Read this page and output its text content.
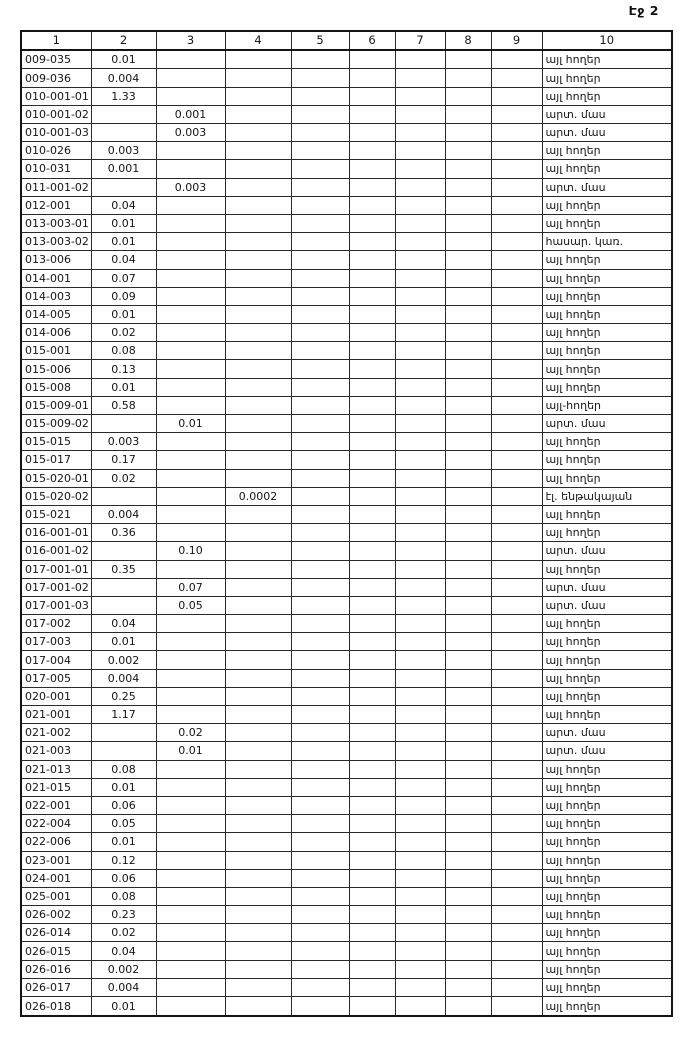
Էջ 2
1	2	3	4	5	6	7	8	9	10
009-035	0.01								այլ հողեր
009-036	0.004								այլ հողեր
010-001-01	1.33								այլ հողեր
010-001-02		0.001							արտ. մաս
010-001-03		0.003							արտ. մաս
010-026	0.003								այլ հողեր
010-031	0.001								այլ հողեր
011-001-02		0.003							արտ. մաս
012-001	0.04								այլ հողեր
013-003-01	0.01								այլ հողեր
013-003-02	0.01								հասար. կառ.
013-006	0.04								այլ հողեր
014-001	0.07								այլ հողեր
014-003	0.09								այլ հողեր
014-005	0.01								այլ հողեր
014-006	0.02								այլ հողեր
015-001	0.08								այլ հողեր
015-006	0.13								այլ հողեր
015-008	0.01								այլ հողեր
015-009-01	0.58								այլ-հողեր
015-009-02		0.01							արտ. մաս
015-015	0.003								այլ հողեր
015-017	0.17								այլ հողեր
015-020-01	0.02								այլ հողեր
015-020-02			0.0002						էլ. ենթակայան
015-021	0.004								այլ հողեր
016-001-01	0.36								այլ հողեր
016-001-02		0.10							արտ. մաս
017-001-01	0.35								այլ հողեր
017-001-02		0.07							արտ. մաս
017-001-03		0.05							արտ. մաս
017-002	0.04								այլ հողեր
017-003	0.01								այլ հողեր
017-004	0.002								այլ հողեր
017-005	0.004								այլ հողեր
020-001	0.25								այլ հողեր
021-001	1.17								այլ հողեր
021-002		0.02							արտ. մաս
021-003		0.01							արտ. մաս
021-013	0.08								այլ հողեր
021-015	0.01								այլ հողեր
022-001	0.06								այլ հողեր
022-004	0.05								այլ հողեր
022-006	0.01								այլ հողեր
023-001	0.12								այլ հողեր
024-001	0.06								այլ հողեր
025-001	0.08								այլ հողեր
026-002	0.23								այլ հողեր
026-014	0.02								այլ հողեր
026-015	0.04								այլ հողեր
026-016	0.002								այլ հողեր
026-017	0.004								այլ հողեր
026-018	0.01								այլ հողեր
